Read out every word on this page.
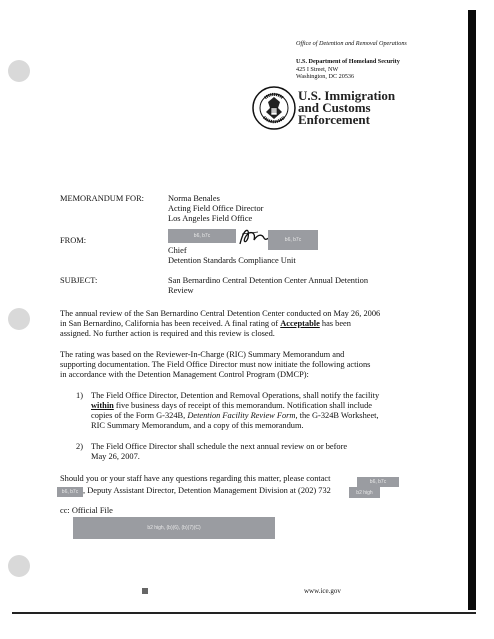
Office of Detention and Removal Operations
U.S. Department of Homeland Security
425 I Street, NW
Washington, DC 20536
U.S. Immigration
and Customs
Enforcement
MEMORANDUM FOR:	Norma Benales
Acting Field Office Director
Los Angeles Field Office
FROM:	b6, b7c
b6, b7c
Chief
Detention Standards Compliance Unit
SUBJECT:	San Bernardino Central Detention Center Annual Detention
Review
The annual review of the San Bernardino Central Detention Center conducted on May 26, 2006
in San Bernardino, California has been received. A final rating of Acceptable has been
assigned. No further action is required and this review is closed.
The rating was based on the Reviewer-In-Charge (RIC) Summary Memorandum and
supporting documentation. The Field Office Director must now initiate the following actions
in accordance with the Detention Management Control Program (DMCP):
1) The Field Office Director, Detention and Removal Operations, shall notify the facility
within five business days of receipt of this memorandum. Notification shall include
copies of the Form G-324B, Detention Facility Review Form, the G-324B Worksheet,
RIC Summary Memorandum, and a copy of this memorandum.
2) The Field Office Director shall schedule the next annual review on or before
May 26, 2007.
Should you or your staff have any questions regarding this matter, please contact	b6, b7c
b6, b7c , Deputy Assistant Director, Detention Management Division at (202) 732	b2 high
cc: Official File
b2 high, (b)(6), (b)(7)(C)
www.ice.gov
